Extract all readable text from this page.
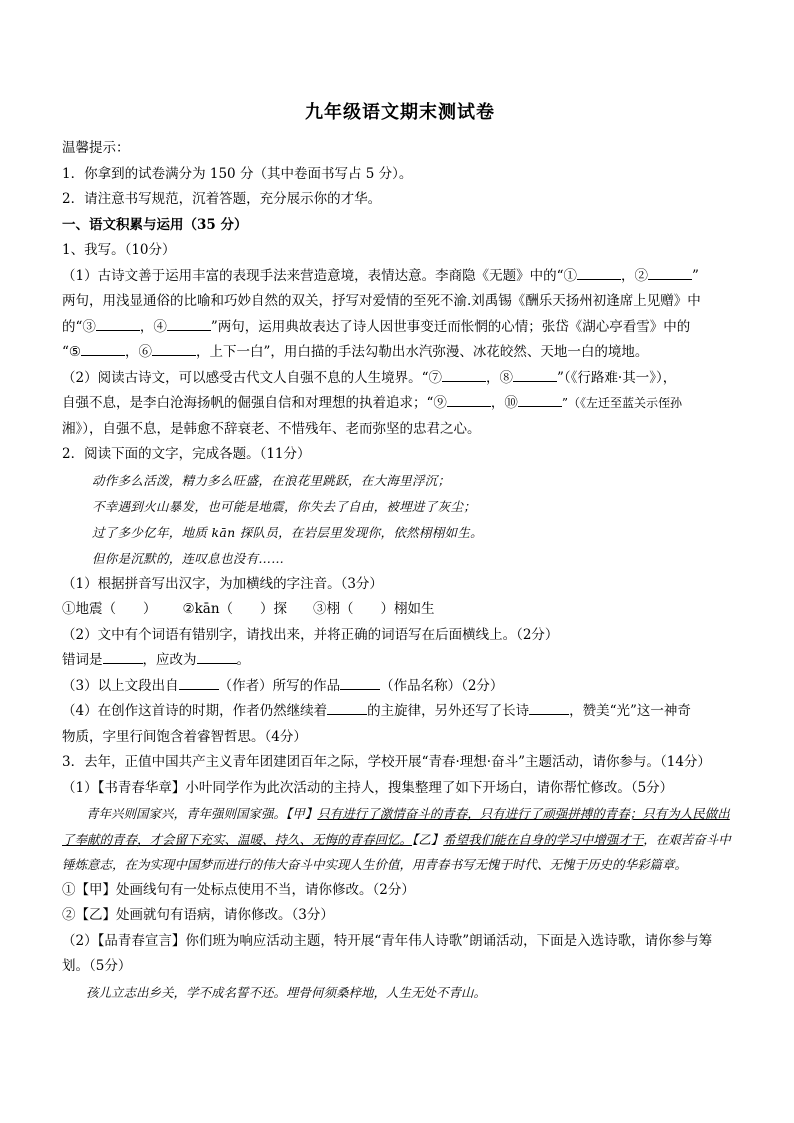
九年级语文期末测试卷
温馨提示：
1．你拿到的试卷满分为 150 分（其中卷面书写占 5 分）。
2．请注意书写规范，沉着答题，充分展示你的才华。
一、语文积累与运用（35 分）
1、我写。（10分）
（1）古诗文善于运用丰富的表现手法来营造意境，表情达意。李商隐《无题》中的“①	，②	”
两句，用浅显通俗的比喻和巧妙自然的双关，抒写对爱情的至死不渝.刘禹锡《酬乐天扬州初逢席上见赠》中
的“③	，④	”两句，运用典故表达了诗人因世事变迁而怅惘的心情；张岱《湖心亭看雪》中的
“⑤	，⑥	，上下一白”，用白描的手法勾勒出水汽弥漫、冰花皎然、天地一白的境地。
（2）阅读古诗文，可以感受古代文人自强不息的人生境界。“⑦	，⑧	”（《行路难·其一》），
自强不息，是李白沧海扬帆的倔强自信和对理想的执着追求；“⑨	，⑩	”（《左迁至蓝关示侄孙
湘》），自强不息，是韩愈不辞衰老、不惜残年、老而弥坚的忠君之心。
2．阅读下面的文字，完成各题。（11分）
动作多么活泼，精力多么旺盛，在浪花里跳跃，在大海里浮沉；
不幸遇到火山暴发，也可能是地震，你失去了自由，被埋进了灰尘；
过了多少亿年，地质 kān 探队员，在岩层里发现你，依然栩栩如生。
但你是沉默的，连叹息也没有……
（1）根据拼音写出汉字，为加横线的字注音。（3分）
①地震（　　） ②kān（　　）探 ③栩（　　）栩如生
（2）文中有个词语有错别字，请找出来，并将正确的词语写在后面横线上。（2分）
错词是	，应改为	。
（3）以上文段出自	（作者）所写的作品	（作品名称）（2分）
（4）在创作这首诗的时期，作者仍然继续着	的主旋律，另外还写了长诗	，赞美“光”这一神奇
物质，字里行间饱含着睿智哲思。（4分）
3．去年，正值中国共产主义青年团建团百年之际，学校开展“青春·理想·奋斗”主题活动，请你参与。（14分）
（1）【书青春华章】小叶同学作为此次活动的主持人，搜集整理了如下开场白，请你帮忙修改。（5分）
青年兴则国家兴，青年强则国家强。【甲】只有进行了激情奋斗的青春，只有进行了顽强拼搏的青春；只有为人民做出了奉献的青春，才会留下充实、温暖、持久、无悔的青春回忆。【乙】希望我们能在自身的学习中增强才干，在艰苦奋斗中锤炼意志，在为实现中国梦而进行的伟大奋斗中实现人生价值，用青春书写无愧于时代、无愧于历史的华彩篇章。
①【甲】处画线句有一处标点使用不当，请你修改。（2分）
②【乙】处画就句有语病，请你修改。（3分）
（2）【品青春宣言】你们班为响应活动主题，特开展“青年伟人诗歌”朗诵活动，下面是入选诗歌，请你参与筹划。（5分）
孩儿立志出乡关，学不成名誓不还。埋骨何须桑梓地，人生无处不青山。
